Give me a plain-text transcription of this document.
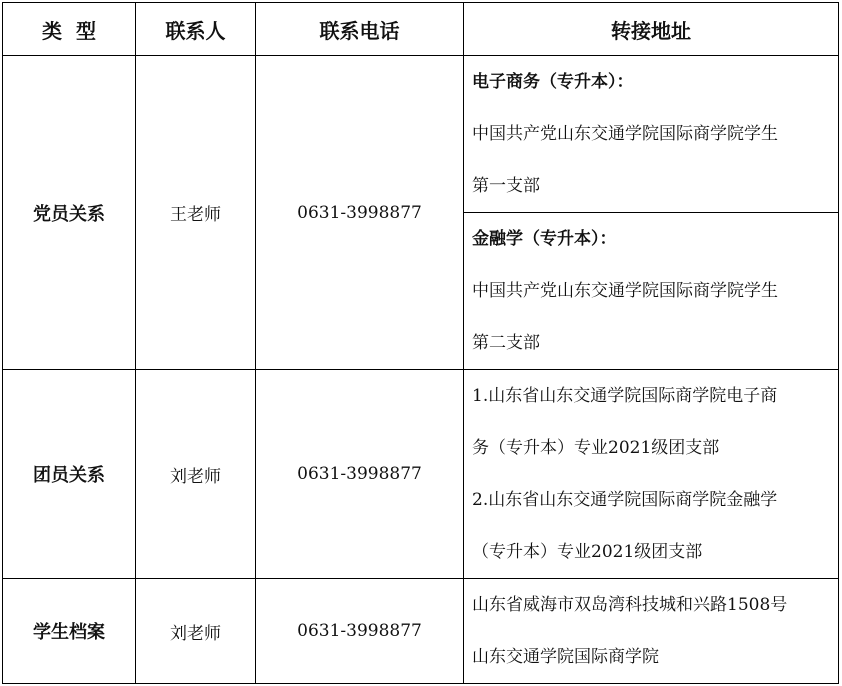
类  型	联系人	联系电话	转接地址
党员关系	王老师	0631-3998877	电子商务（专升本）：
中国共产党山东交通学院国际商学院学生
第一支部

			金融学（专升本）：
中国共产党山东交通学院国际商学院学生
第二支部

团员关系	刘老师	0631-3998877	1.山东省山东交通学院国际商学院电子商
务（专升本）专业2021级团支部
2.山东省山东交通学院国际商学院金融学
（专升本）专业2021级团支部

学生档案	刘老师	0631-3998877	山东省威海市双岛湾科技城和兴路1508号
山东交通学院国际商学院
